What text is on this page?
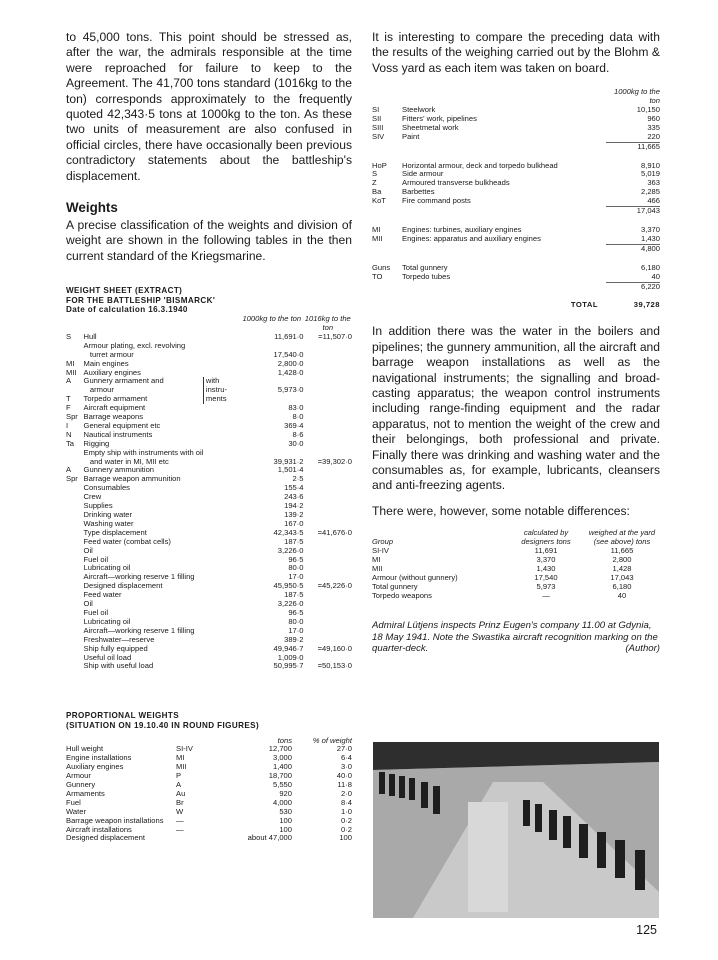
to 45,000 tons. This point should be stressed as, after the war, the admirals responsible at the time were reproached for failure to keep to the Agreement. The 41,700 tons standard (1016kg to the ton) corresponds approximately to the frequently quoted 42,343·5 tons at 1000kg to the ton. As these two units of measurement are also confused in official circles, there have occasionally been previous contradictory statements about the battleship's displacement.

Weights

A precise classification of the weights and division of weight are shown in the following tables in the then current standard of the Kriegsmarine.

WEIGHT SHEET (EXTRACT)

FOR THE BATTLESHIP 'BISMARCK'

Date of calculation 16.3.1940

			1000kg to the ton	1016kg to the ton
S	Hull		11,691·0	=11,507·0
	Armour plating, excl. revolving			
	turret armour		17,540·0	
MI	Main engines		2,800·0	
MII	Auxiliary engines		1,428·0	
A	Gunnery armament and	with instru-ments		
	armour		5,973·0	
T	Torpedo armament			
F	Aircraft equipment		83·0	
Spr	Barrage weapons		8·0	
I	General equipment etc		369·4	
N	Nautical instruments		8·6	
Ta	Rigging		30·0	
	Empty ship with instruments with oil			
	and water in MI, MII etc		39,931·2	=39,302·0
A	Gunnery ammunition		1,501·4	
Spr	Barrage weapon ammunition		2·5	
	Consumables		155·4	
	Crew		243·6	
	Supplies		194·2	
	Drinking water		139·2	
	Washing water		167·0	
	Type displacement		42,343·5	=41,676·0
	Feed water (combat cells)		187·5	
	Oil		3,226·0	
	Fuel oil		96·5	
	Lubricating oil		80·0	
	Aircraft—working reserve 1 filling		17·0	
	Designed displacement		45,950·5	=45,226·0
	Feed water		187·5	
	Oil		3,226·0	
	Fuel oil		96·5	
	Lubricating oil		80·0	
	Aircraft—working reserve 1 filling		17·0	
	Freshwater—reserve		389·2	
	Ship fully equipped		49,946·7	=49,160·0
	Useful oil load		1,009·0	
	Ship with useful load		50,995·7	=50,153·0

PROPORTIONAL WEIGHTS

(SITUATION ON 19.10.40 IN ROUND FIGURES)

		tons	% of weight
Hull weight	SI-IV	12,700	27·0
Engine installations	MI	3,000	6·4
Auxiliary engines	MII	1,400	3·0
Armour	P	18,700	40·0
Gunnery	A	5,550	11·8
Armaments	Au	920	2·0
Fuel	Br	4,000	8·4
Water	W	530	1·0
Barrage weapon installations	—	100	0·2
Aircraft installations	—	100	0·2
Designed displacement		about 47,000	100

It is interesting to compare the preceding data with the results of the weighing carried out by the Blohm & Voss yard as each item was taken on board.

		1000kg to the ton
SI	Steelwork	10,150
SII	Fitters' work, pipelines	960
SIII	Sheetmetal work	335
SIV	Paint	220
		11,665
HoP	Horizontal armour, deck and torpedo bulkhead	8,910
S	Side armour	5,019
Z	Armoured transverse bulkheads	363
Ba	Barbettes	2,285
KoT	Fire command posts	466
		17,043
MI	Engines: turbines, auxiliary engines	3,370
MII	Engines: apparatus and auxiliary engines	1,430
		4,800
Guns	Total gunnery	6,180
TO	Torpedo tubes	40
		6,220
	TOTAL	39,728

In addition there was the water in the boilers and pipelines; the gunnery ammunition, all the aircraft and barrage weapon installations as well as the navigational instruments; the signalling and broad-casting apparatus; the weapon control instruments including range-finding equipment and the radar apparatus, not to mention the weight of the crew and their belongings, both professional and private. Finally there was drinking and washing water and the consumables as, for example, lubricants, cleansers and anti-freezing agents.

There were, however, some notable differences:

Group	calculated by designers tons	weighed at the yard (see above) tons
SI-IV	11,691	11,665
MI	3,370	2,800
MII	1,430	1,428
Armour (without gunnery)	17,540	17,043
Total gunnery	5,973	6,180
Torpedo weapons	—	40

Admiral Lütjens inspects Prinz Eugen's company 11.00 at Gdynia, 18 May 1941. Note the Swastika aircraft recognition marking on the quarter-deck.	(Author)

125
